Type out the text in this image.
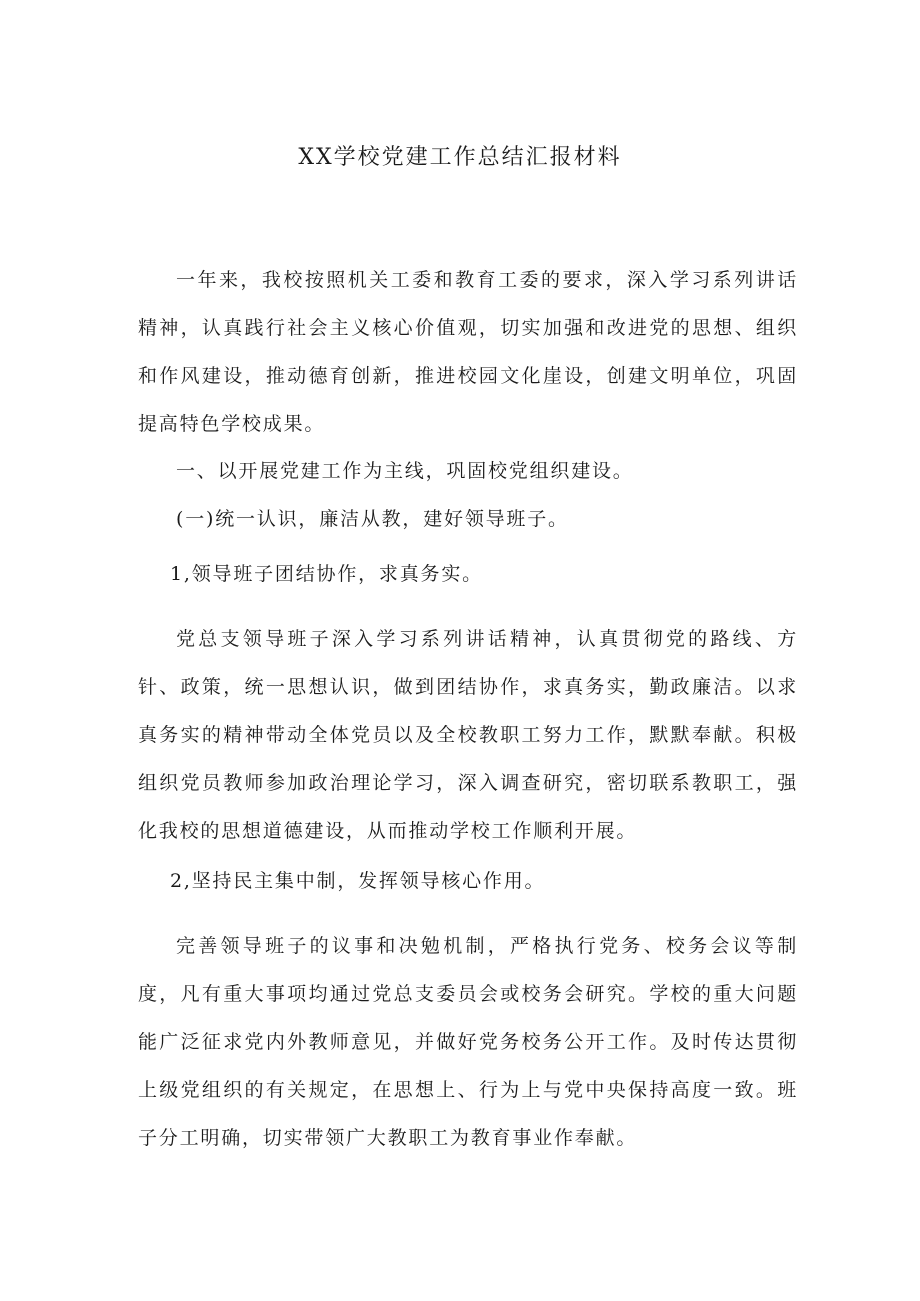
XX学校党建工作总结汇报材料

一年来，我校按照机关工委和教育工委的要求，深入学习系列讲话精神，认真践行社会主义核心价值观，切实加强和改进党的思想、组织和作风建设，推动德育创新，推进校园文化崖设，创建文明单位，巩固提高特色学校成果。

一、以开展党建工作为主线，巩固校党组织建设。
(一)统一认识，廉洁从教，建好领导班子。
1,领导班子团结协作，求真务实。

党总支领导班子深入学习系列讲话精神，认真贯彻党的路线、方针、政策，统一思想认识，做到团结协作，求真务实，勤政廉洁。以求真务实的精神带动全体党员以及全校教职工努力工作，默默奉献。积极组织党员教师参加政治理论学习，深入调查研究，密切联系教职工，强化我校的思想道德建设，从而推动学校工作顺利开展。

2,坚持民主集中制，发挥领导核心作用。

完善领导班子的议事和决勉机制，严格执行党务、校务会议等制度，凡有重大事项均通过党总支委员会或校务会研究。学校的重大问题能广泛征求党内外教师意见，并做好党务校务公开工作。及时传达贯彻上级党组织的有关规定，在思想上、行为上与党中央保持高度一致。班子分工明确，切实带领广大教职工为教育事业作奉献。
